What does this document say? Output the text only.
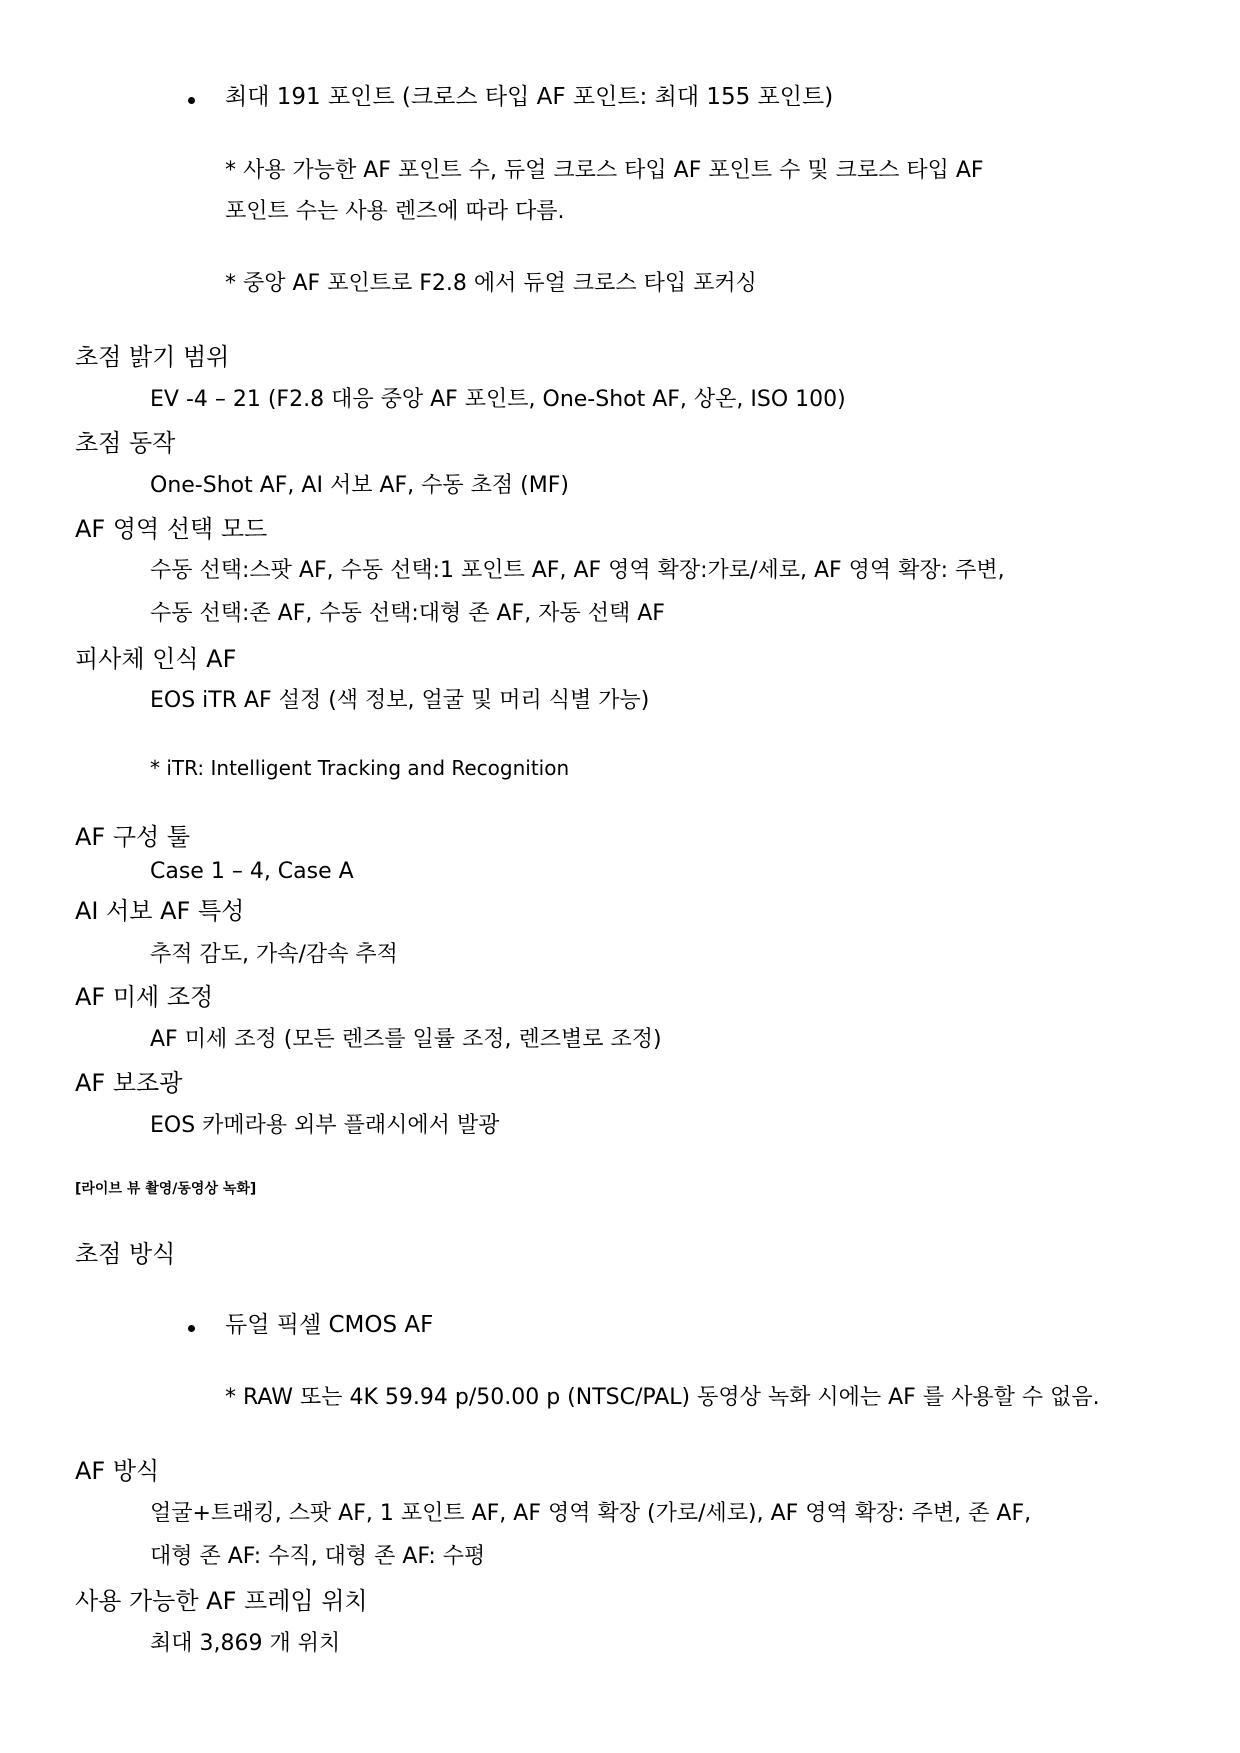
최대 191 포인트 (크로스 타입 AF 포인트: 최대 155 포인트)
* 사용 가능한 AF 포인트 수, 듀얼 크로스 타입 AF 포인트 수 및 크로스 타입 AF
포인트 수는 사용 렌즈에 따라 다름.
* 중앙 AF 포인트로 F2.8 에서 듀얼 크로스 타입 포커싱
초점 밝기 범위
EV -4 – 21 (F2.8 대응 중앙 AF 포인트, One-Shot AF, 상온, ISO 100)
초점 동작
One-Shot AF, AI 서보 AF, 수동 초점 (MF)
AF 영역 선택 모드
수동 선택:스팟 AF, 수동 선택:1 포인트 AF, AF 영역 확장:가로/세로, AF 영역 확장: 주변,
수동 선택:존 AF, 수동 선택:대형 존 AF, 자동 선택 AF
피사체 인식 AF
EOS iTR AF 설정 (색 정보, 얼굴 및 머리 식별 가능)
* iTR: Intelligent Tracking and Recognition
AF 구성 툴
Case 1 – 4, Case A
AI 서보 AF 특성
추적 감도, 가속/감속 추적
AF 미세 조정
AF 미세 조정 (모든 렌즈를 일률 조정, 렌즈별로 조정)
AF 보조광
EOS 카메라용 외부 플래시에서 발광
[라이브 뷰 촬영/동영상 녹화]
초점 방식
듀얼 픽셀 CMOS AF
* RAW 또는 4K 59.94 p/50.00 p (NTSC/PAL) 동영상 녹화 시에는 AF 를 사용할 수 없음.
AF 방식
얼굴+트래킹, 스팟 AF, 1 포인트 AF, AF 영역 확장 (가로/세로), AF 영역 확장: 주변, 존 AF,
대형 존 AF: 수직, 대형 존 AF: 수평
사용 가능한 AF 프레임 위치
최대 3,869 개 위치
